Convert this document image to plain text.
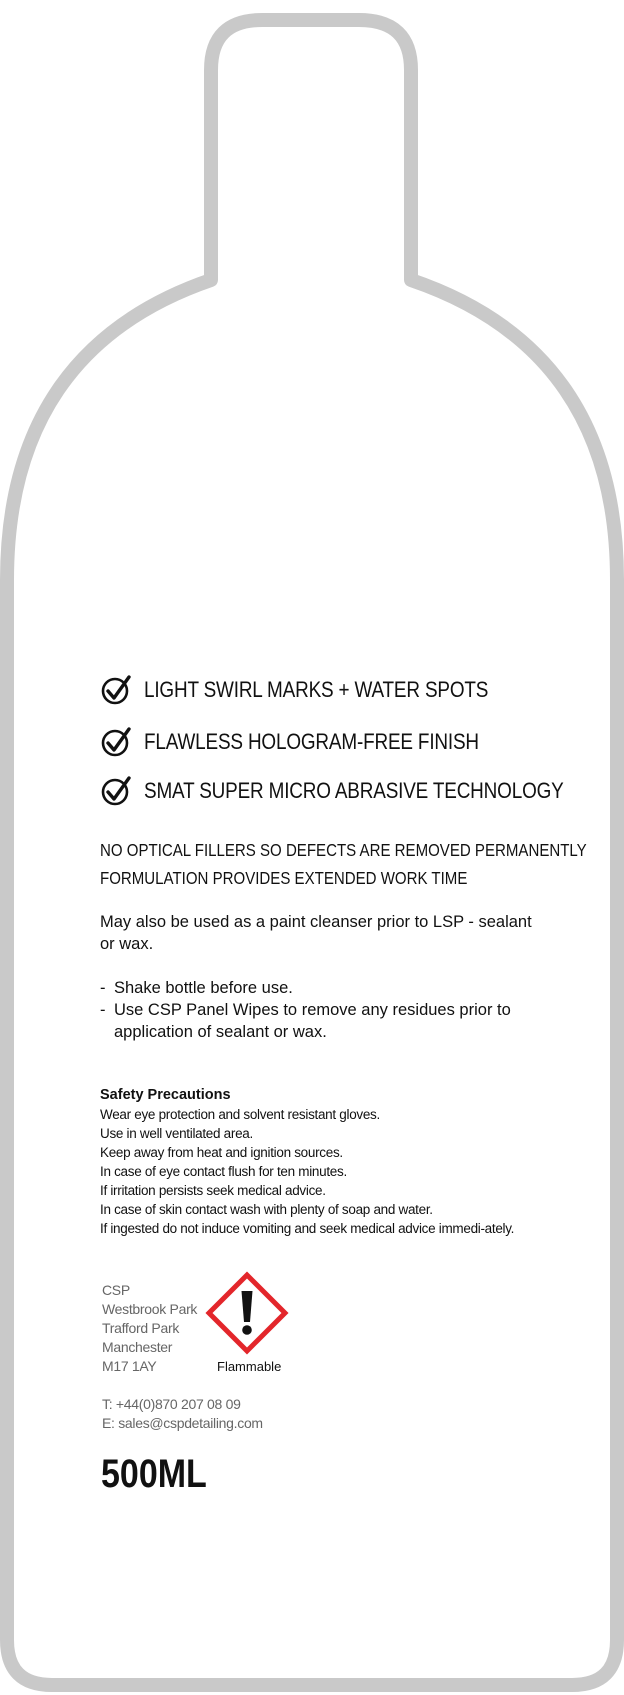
LIGHT SWIRL MARKS + WATER SPOTS
FLAWLESS HOLOGRAM-FREE FINISH
SMAT SUPER MICRO ABRASIVE TECHNOLOGY
NO OPTICAL FILLERS SO DEFECTS ARE REMOVED PERMANENTLY
FORMULATION PROVIDES EXTENDED WORK TIME
May also be used as a paint cleanser prior to LSP - sealant or wax.
- Shake bottle before use.
- Use CSP Panel Wipes to remove any residues prior to application of sealant or wax.
Safety Precautions
Wear eye protection and solvent resistant gloves.
Use in well ventilated area.
Keep away from heat and ignition sources.
In case of eye contact flush for ten minutes.
If irritation persists seek medical advice.
In case of skin contact wash with plenty of soap and water.
If ingested do not induce vomiting and seek medical advice immedi-ately.
CSP
Westbrook Park
Trafford Park
Manchester
M17 1AY	Flammable
T: +44(0)870 207 08 09
E: sales@cspdetailing.com
500ML
